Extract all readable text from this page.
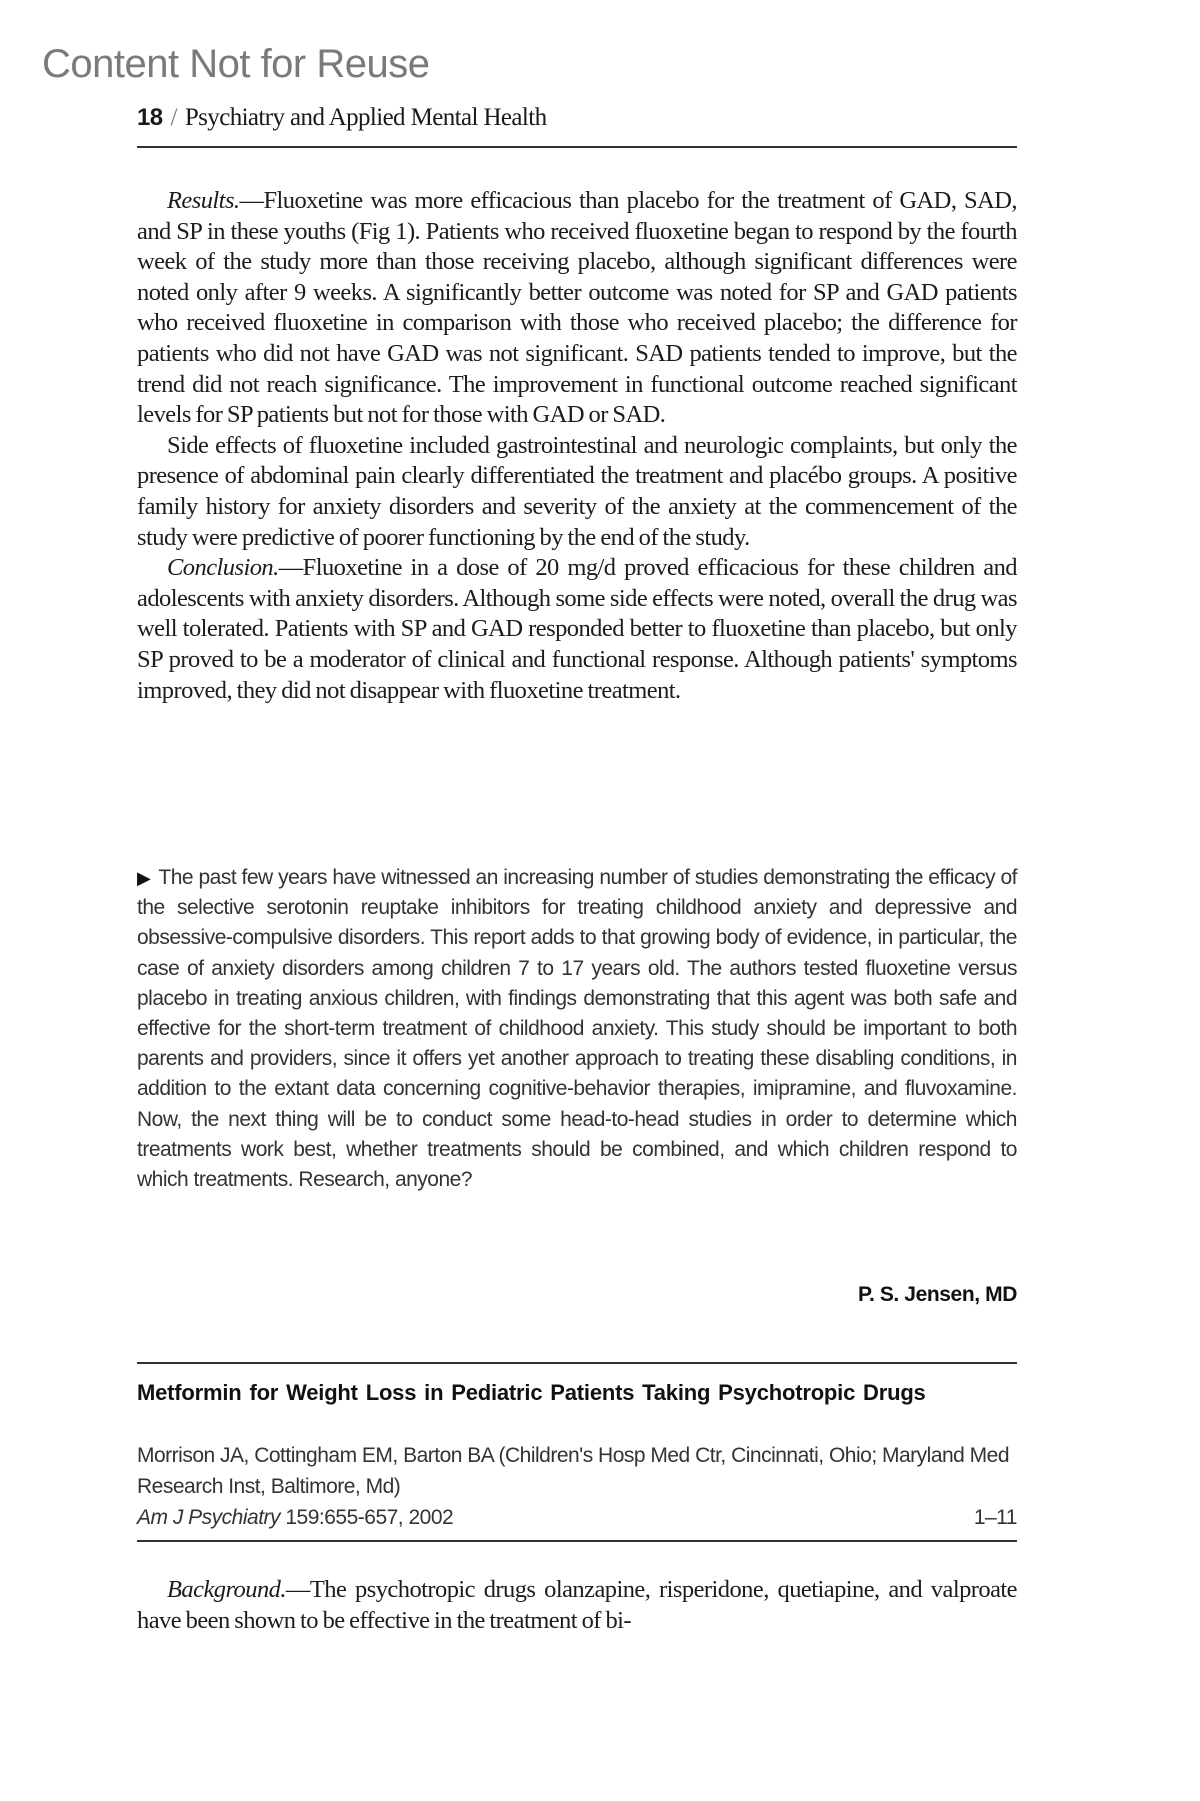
Content Not for Reuse
18 / Psychiatry and Applied Mental Health

Results.—Fluoxetine was more efficacious than placebo for the treatment of GAD, SAD, and SP in these youths (Fig 1). Patients who received fluoxetine began to respond by the fourth week of the study more than those receiving placebo, although significant differences were noted only after 9 weeks. A significantly better outcome was noted for SP and GAD patients who received fluoxetine in comparison with those who received placebo; the difference for patients who did not have GAD was not significant. SAD patients tended to improve, but the trend did not reach significance. The improvement in functional outcome reached significant levels for SP patients but not for those with GAD or SAD.

Side effects of fluoxetine included gastrointestinal and neurologic complaints, but only the presence of abdominal pain clearly differentiated the treatment and placébo groups. A positive family history for anxiety disorders and severity of the anxiety at the commencement of the study were predictive of poorer functioning by the end of the study.

Conclusion.—Fluoxetine in a dose of 20 mg/d proved efficacious for these children and adolescents with anxiety disorders. Although some side effects were noted, overall the drug was well tolerated. Patients with SP and GAD responded better to fluoxetine than placebo, but only SP proved to be a moderator of clinical and functional response. Although patients' symptoms improved, they did not disappear with fluoxetine treatment.

▶ The past few years have witnessed an increasing number of studies demonstrating the efficacy of the selective serotonin reuptake inhibitors for treating childhood anxiety and depressive and obsessive-compulsive disorders. This report adds to that growing body of evidence, in particular, the case of anxiety disorders among children 7 to 17 years old. The authors tested fluoxetine versus placebo in treating anxious children, with findings demonstrating that this agent was both safe and effective for the short-term treatment of childhood anxiety. This study should be important to both parents and providers, since it offers yet another approach to treating these disabling conditions, in addition to the extant data concerning cognitive-behavior therapies, imipramine, and fluvoxamine. Now, the next thing will be to conduct some head-to-head studies in order to determine which treatments work best, whether treatments should be combined, and which children respond to which treatments. Research, anyone?

P. S. Jensen, MD
Metformin for Weight Loss in Pediatric Patients Taking Psychotropic Drugs
Morrison JA, Cottingham EM, Barton BA (Children's Hosp Med Ctr, Cincinnati, Ohio; Maryland Med Research Inst, Baltimore, Md)
Am J Psychiatry 159:655-657, 2002	1–11

Background.—The psychotropic drugs olanzapine, risperidone, quetiapine, and valproate have been shown to be effective in the treatment of bi-
